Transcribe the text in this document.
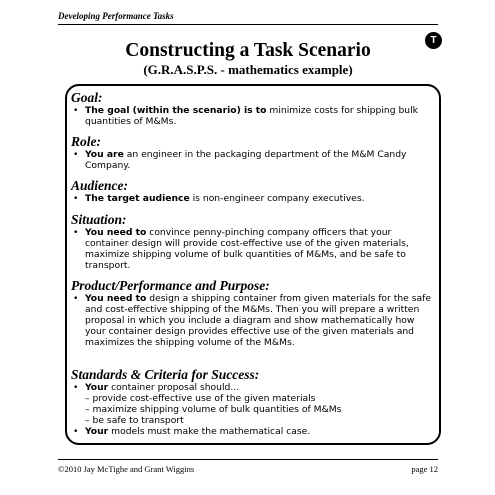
Developing Performance Tasks
Constructing a Task Scenario
(G.R.A.S.P.S. - mathematics example)
T
Goal:
• The goal (within the scenario) is to minimize costs for shipping bulk quantities of M&Ms.
Role:
• You are an engineer in the packaging department of the M&M Candy Company.
Audience:
• The target audience is non-engineer company executives.
Situation:
• You need to convince penny-pinching company officers that your container design will provide cost-effective use of the given materials, maximize shipping volume of bulk quantities of M&Ms, and be safe to transport.
Product/Performance and Purpose:
• You need to design a shipping container from given materials for the safe and cost-effective shipping of the M&Ms. Then you will prepare a written proposal in which you include a diagram and show mathematically how your container design provides effective use of the given materials and maximizes the shipping volume of the M&Ms.
Standards & Criteria for Success:
• Your container proposal should...
– provide cost-effective use of the given materials
– maximize shipping volume of bulk quantities of M&Ms
– be safe to transport
• Your models must make the mathematical case.
©2010 Jay McTighe and Grant Wiggins	page 12
